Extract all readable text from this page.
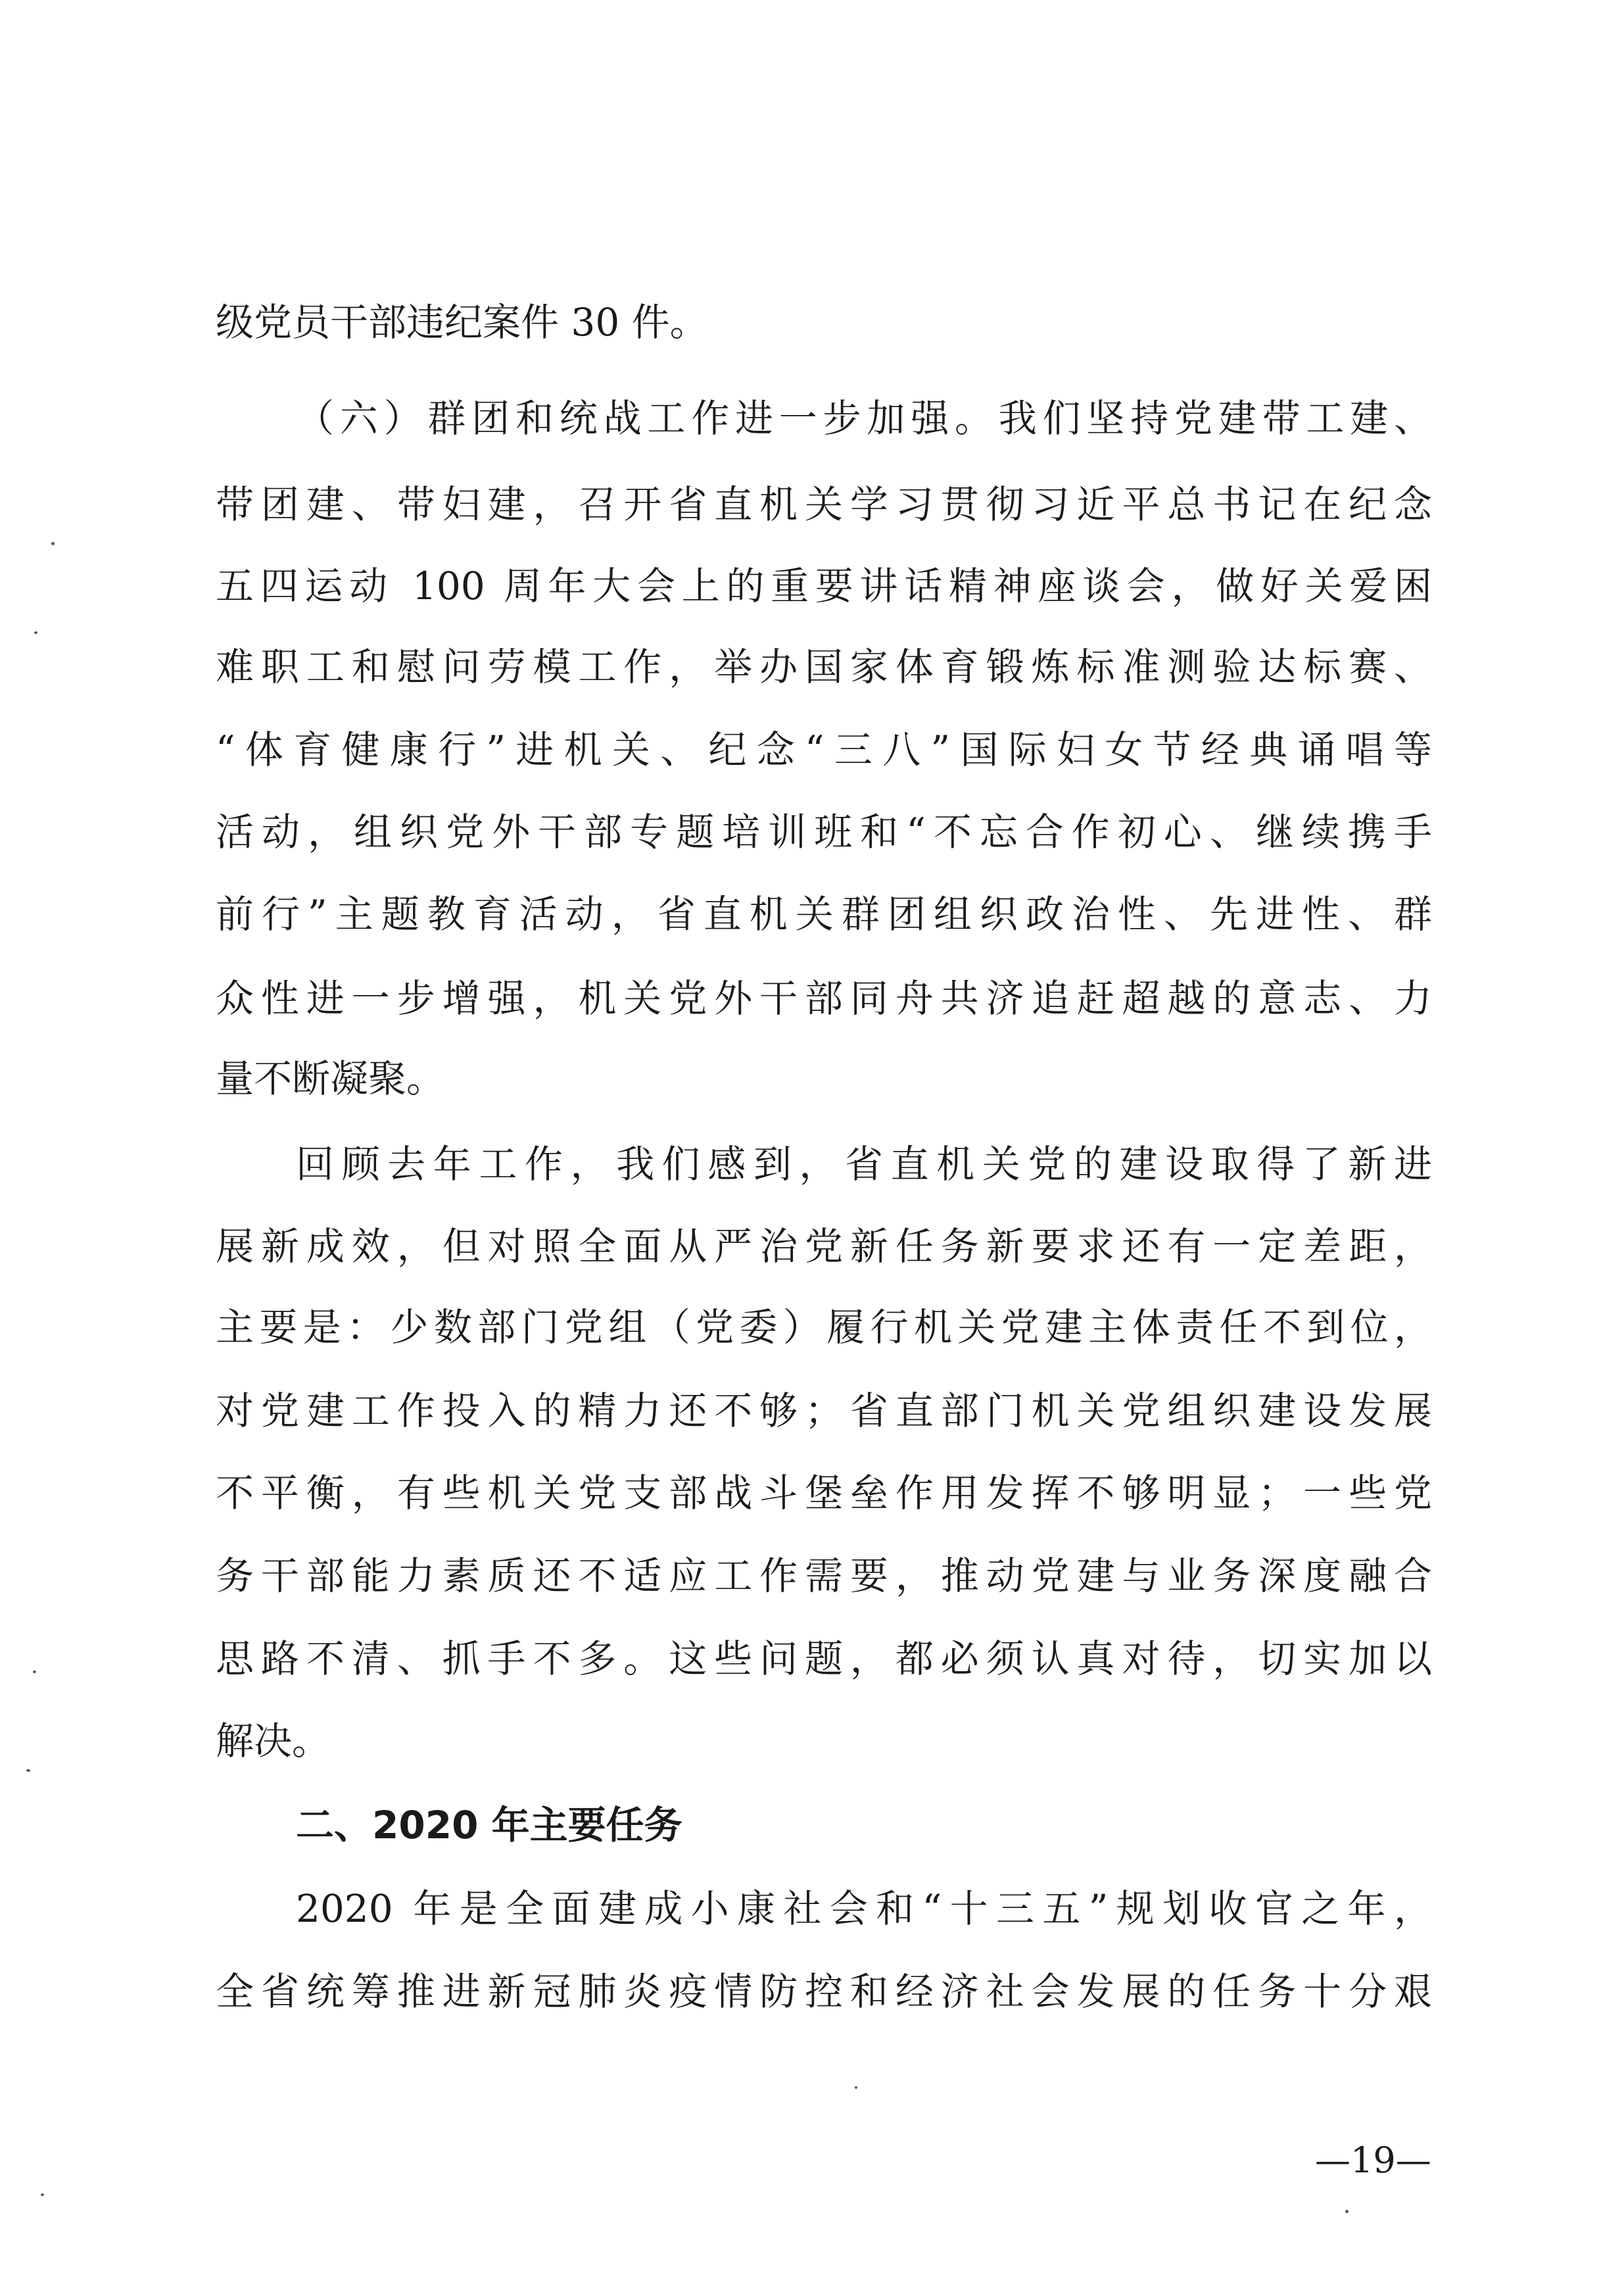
级党员干部违纪案件 30 件。
（六）群团和统战工作进一步加强。我们坚持党建带工建、
带团建、带妇建，召开省直机关学习贯彻习近平总书记在纪念
五四运动 100 周年大会上的重要讲话精神座谈会，做好关爱困
难职工和慰问劳模工作，举办国家体育锻炼标准测验达标赛、
“体育健康行”进机关、纪念“三八”国际妇女节经典诵唱等
活动，组织党外干部专题培训班和“不忘合作初心、继续携手
前行”主题教育活动，省直机关群团组织政治性、先进性、群
众性进一步增强，机关党外干部同舟共济追赶超越的意志、力
量不断凝聚。
回顾去年工作，我们感到，省直机关党的建设取得了新进
展新成效，但对照全面从严治党新任务新要求还有一定差距，
主要是：少数部门党组（党委）履行机关党建主体责任不到位，
对党建工作投入的精力还不够；省直部门机关党组织建设发展
不平衡，有些机关党支部战斗堡垒作用发挥不够明显；一些党
务干部能力素质还不适应工作需要，推动党建与业务深度融合
思路不清、抓手不多。这些问题，都必须认真对待，切实加以
解决。
二、2020 年主要任务
2020 年是全面建成小康社会和“十三五”规划收官之年，
全省统筹推进新冠肺炎疫情防控和经济社会发展的任务十分艰
—19—
